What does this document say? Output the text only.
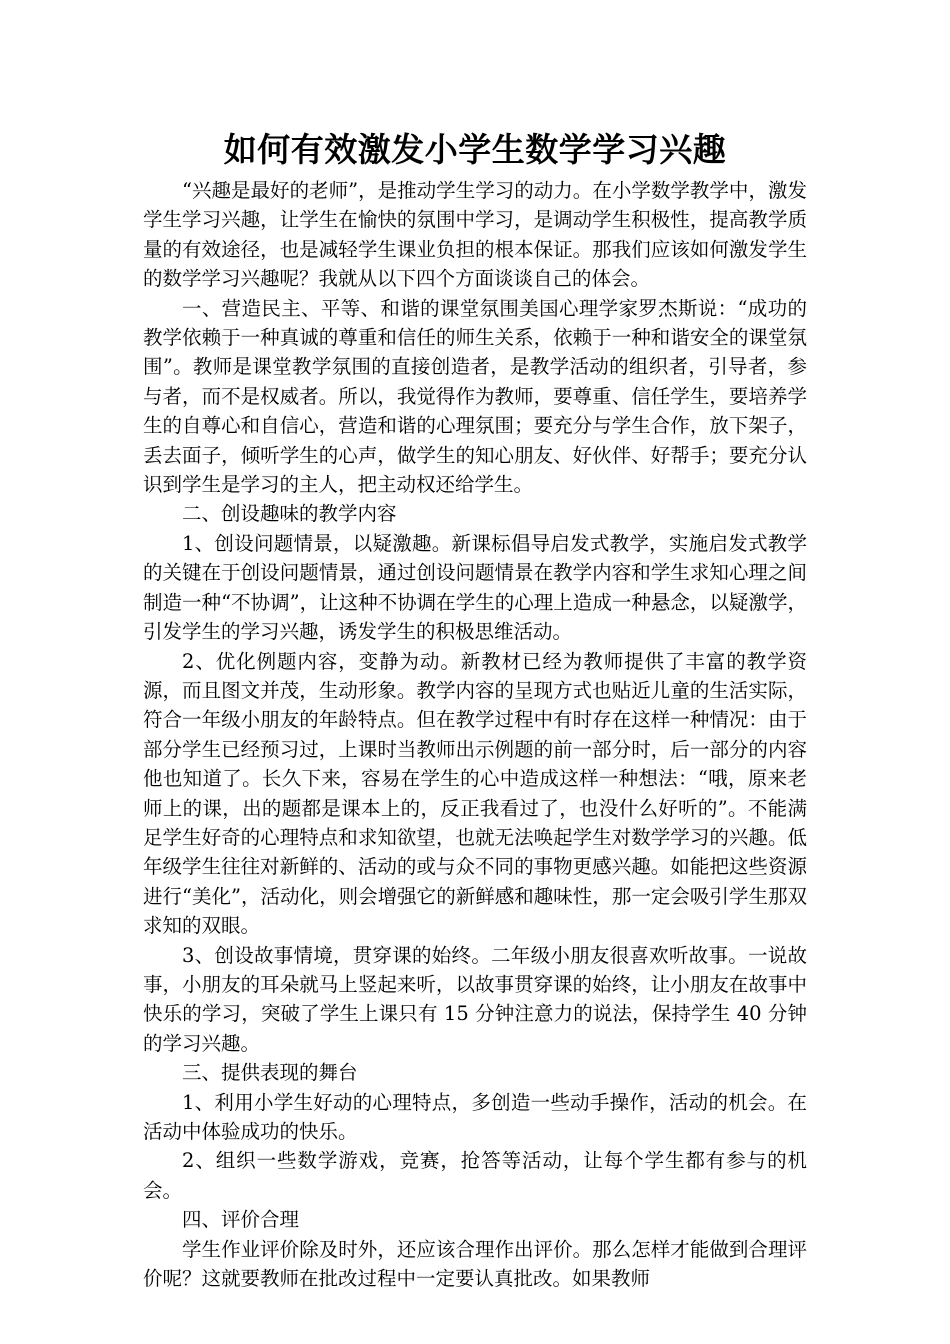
如何有效激发小学生数学学习兴趣

“兴趣是最好的老师”，是推动学生学习的动力。在小学数学教学中，激发学生学习兴趣，让学生在愉快的氛围中学习，是调动学生积极性，提高教学质量的有效途径，也是减轻学生课业负担的根本保证。那我们应该如何激发学生的数学学习兴趣呢？我就从以下四个方面谈谈自己的体会。

一、营造民主、平等、和谐的课堂氛围美国心理学家罗杰斯说：“成功的教学依赖于一种真诚的尊重和信任的师生关系，依赖于一种和谐安全的课堂氛围”。教师是课堂教学氛围的直接创造者，是教学活动的组织者，引导者，参与者，而不是权威者。所以，我觉得作为教师，要尊重、信任学生，要培养学生的自尊心和自信心，营造和谐的心理氛围；要充分与学生合作，放下架子，丢去面子，倾听学生的心声，做学生的知心朋友、好伙伴、好帮手；要充分认识到学生是学习的主人，把主动权还给学生。

二、创设趣味的教学内容

1、创设问题情景，以疑激趣。新课标倡导启发式教学，实施启发式教学的关键在于创设问题情景，通过创设问题情景在教学内容和学生求知心理之间制造一种“不协调”，让这种不协调在学生的心理上造成一种悬念，以疑激学，引发学生的学习兴趣，诱发学生的积极思维活动。

2、优化例题内容，变静为动。新教材已经为教师提供了丰富的教学资源，而且图文并茂，生动形象。教学内容的呈现方式也贴近儿童的生活实际，符合一年级小朋友的年龄特点。但在教学过程中有时存在这样一种情况：由于部分学生已经预习过，上课时当教师出示例题的前一部分时，后一部分的内容他也知道了。长久下来，容易在学生的心中造成这样一种想法：“哦，原来老师上的课，出的题都是课本上的，反正我看过了，也没什么好听的”。不能满足学生好奇的心理特点和求知欲望，也就无法唤起学生对数学学习的兴趣。低年级学生往往对新鲜的、活动的或与众不同的事物更感兴趣。如能把这些资源进行“美化”，活动化，则会增强它的新鲜感和趣味性，那一定会吸引学生那双求知的双眼。

3、创设故事情境，贯穿课的始终。二年级小朋友很喜欢听故事。一说故事，小朋友的耳朵就马上竖起来听，以故事贯穿课的始终，让小朋友在故事中快乐的学习，突破了学生上课只有 15 分钟注意力的说法，保持学生 40 分钟的学习兴趣。

三、提供表现的舞台

1、利用小学生好动的心理特点，多创造一些动手操作，活动的机会。在活动中体验成功的快乐。

2、组织一些数学游戏，竞赛，抢答等活动，让每个学生都有参与的机会。

四、评价合理

学生作业评价除及时外，还应该合理作出评价。那么怎样才能做到合理评价呢？这就要教师在批改过程中一定要认真批改。如果教师
